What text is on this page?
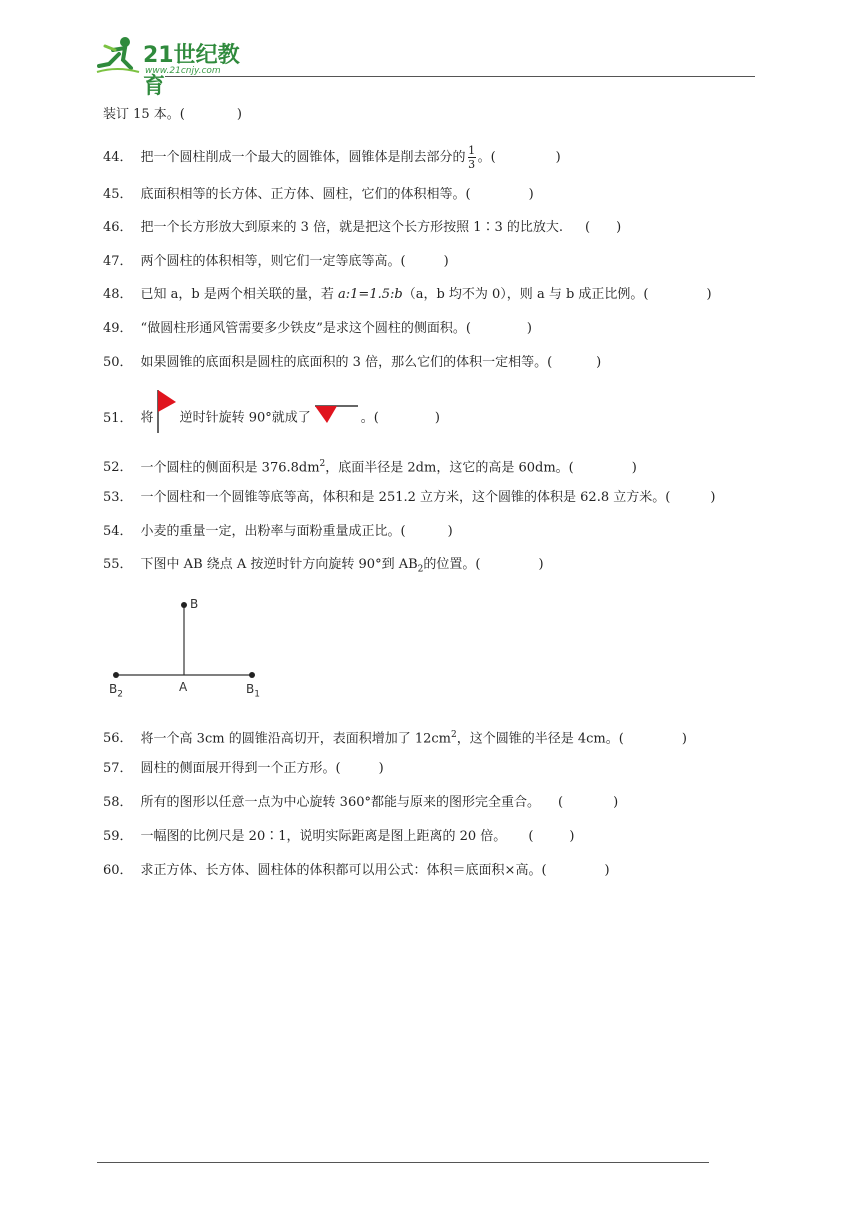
21世纪教育
www.21cnjy.com
装订 15 本。(	)
44． 把一个圆柱削成一个最大的圆锥体，圆锥体是削去部分的 $\frac{1}{3}$ 。(	)
45． 底面积相等的长方体、正方体、圆柱，它们的体积相等。(	)
46． 把一个长方形放大到原来的 3 倍，就是把这个长方形按照 1∶3 的比放大. ( )
47． 两个圆柱的体积相等，则它们一定等底等高。(	)
48． 已知 a，b 是两个相关联的量，若 a:1=1.5:b（a，b 均不为 0），则 a 与 b 成正比例。(	)
49． “做圆柱形通风管需要多少铁皮”是求这个圆柱的侧面积。(	)
50． 如果圆锥的底面积是圆柱的底面积的 3 倍，那么它们的体积一定相等。(	)
51． 将 逆时针旋转 90°就成了	。(	)
52． 一个圆柱的侧面积是 $376.8dm^2$，底面半径是 2dm，这它的高是 60dm。(	)
53． 一个圆柱和一个圆锥等底等高，体积和是 251.2 立方米，这个圆锥的体积是 62.8 立方米。(	)
54． 小麦的重量一定，出粉率与面粉重量成正比。(	)
55． 下图中 AB 绕点 A 按逆时针方向旋转 90°到 $AB_2$的位置。(	)
B
A	$B_1$
$B_2$
56． 将一个高 3cm 的圆锥沿高切开，表面积增加了 $12cm^2$，这个圆锥的半径是 4cm。(	)
57． 圆柱的侧面展开得到一个正方形。(	)
58． 所有的图形以任意一点为中心旋转 360°都能与原来的图形完全重合。 (	)
59． 一幅图的比例尺是 20∶1，说明实际距离是图上距离的 20 倍。 (	)
60． 求正方体、长方体、圆柱体的体积都可以用公式：体积＝底面积×高。(	)
